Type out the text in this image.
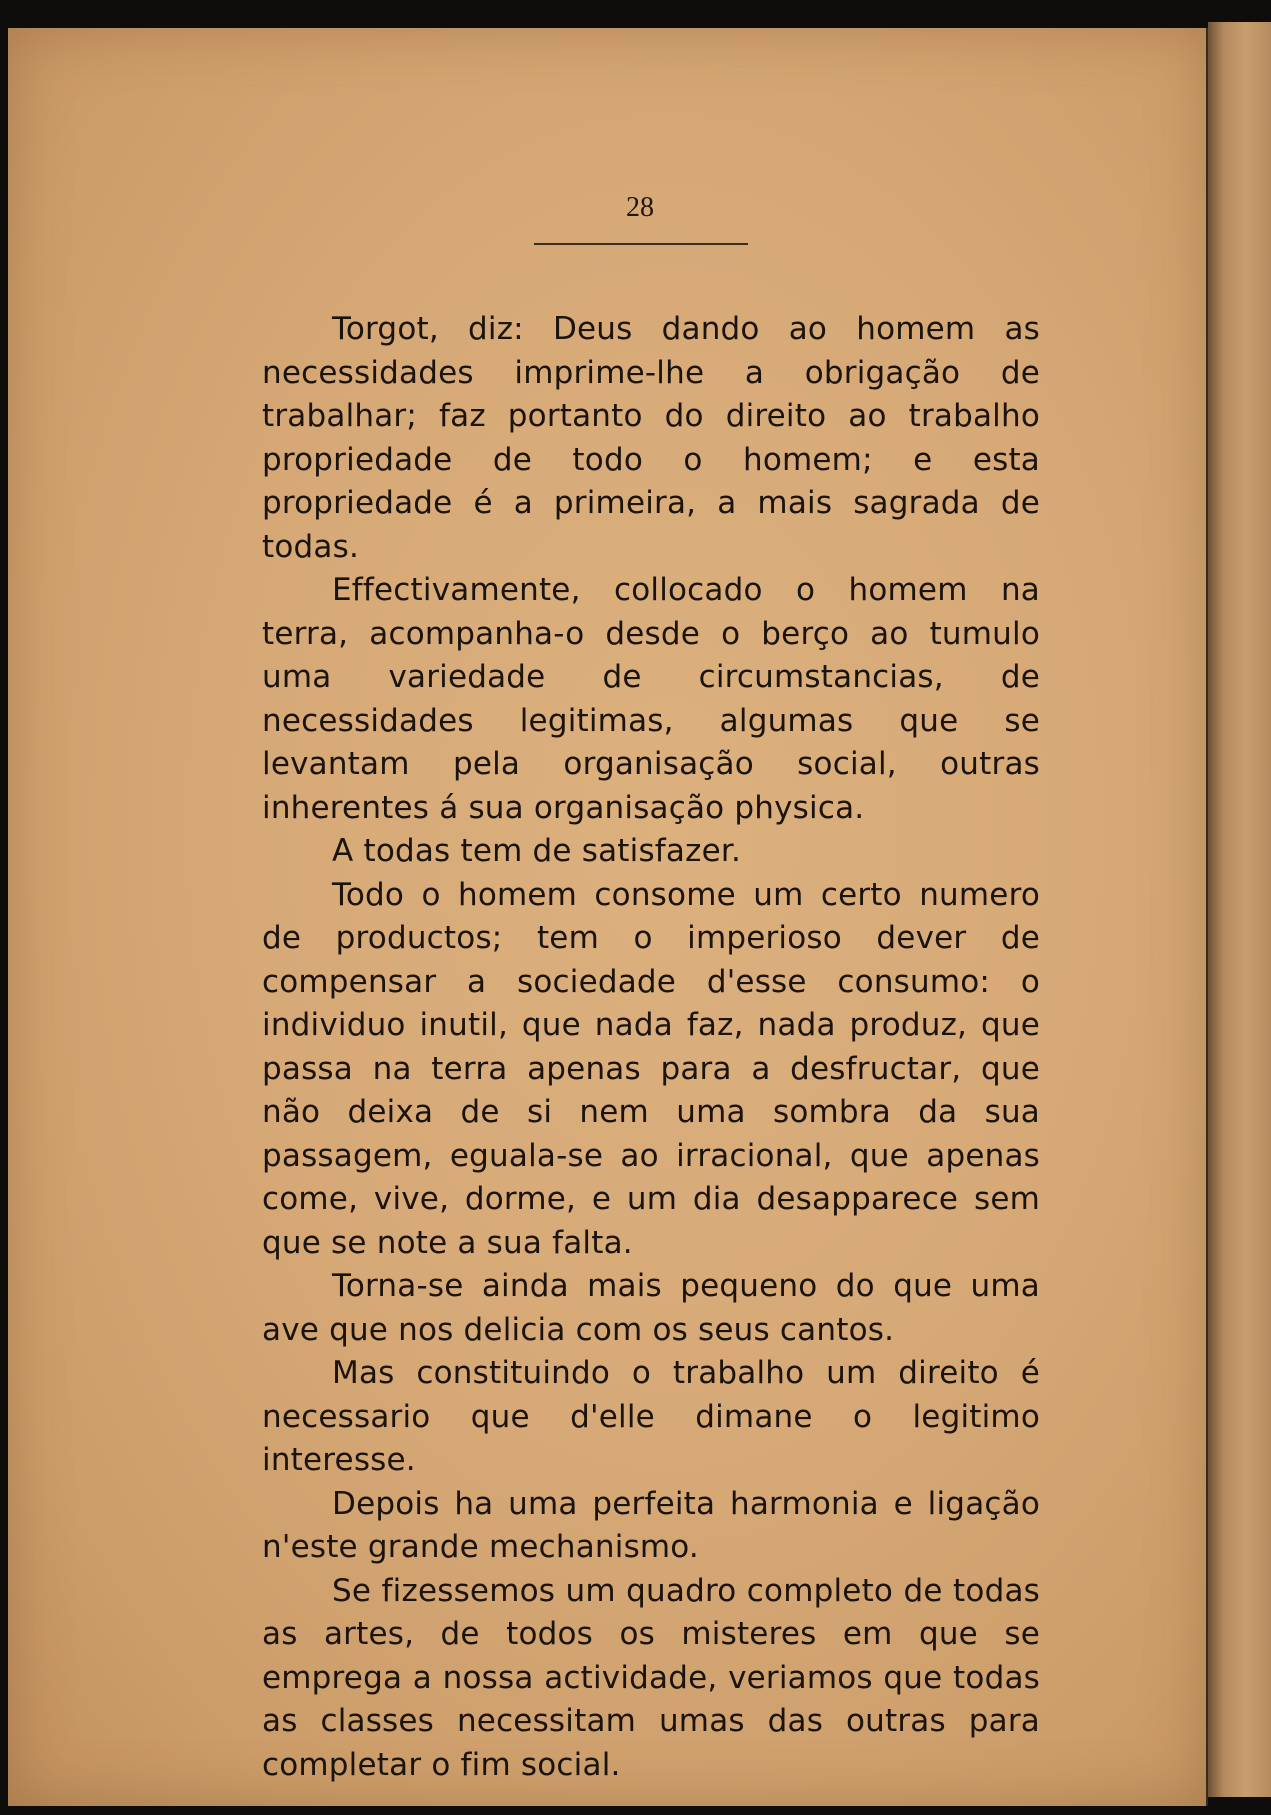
28

Torgot, diz: Deus dando ao homem as necessidades imprime-lhe a obrigação de trabalhar; faz portanto do direito ao trabalho propriedade de todo o homem; e esta propriedade é a primeira, a mais sagrada de todas.

Effectivamente, collocado o homem na terra, acompanha-o desde o berço ao tumulo uma variedade de circumstancias, de necessidades legitimas, algumas que se levantam pela organisação social, outras inherentes á sua organisação physica.

A todas tem de satisfazer.

Todo o homem consome um certo numero de productos; tem o imperioso dever de compensar a sociedade d'esse consumo: o individuo inutil, que nada faz, nada produz, que passa na terra apenas para a desfructar, que não deixa de si nem uma sombra da sua passagem, eguala-se ao irracional, que apenas come, vive, dorme, e um dia desapparece sem que se note a sua falta.

Torna-se ainda mais pequeno do que uma ave que nos delicia com os seus cantos.

Mas constituindo o trabalho um direito é necessario que d'elle dimane o legitimo interesse.

Depois ha uma perfeita harmonia e ligação n'este grande mechanismo.

Se fizessemos um quadro completo de todas as artes, de todos os misteres em que se emprega a nossa actividade, veriamos que todas as classes necessitam umas das outras para completar o fim social.
